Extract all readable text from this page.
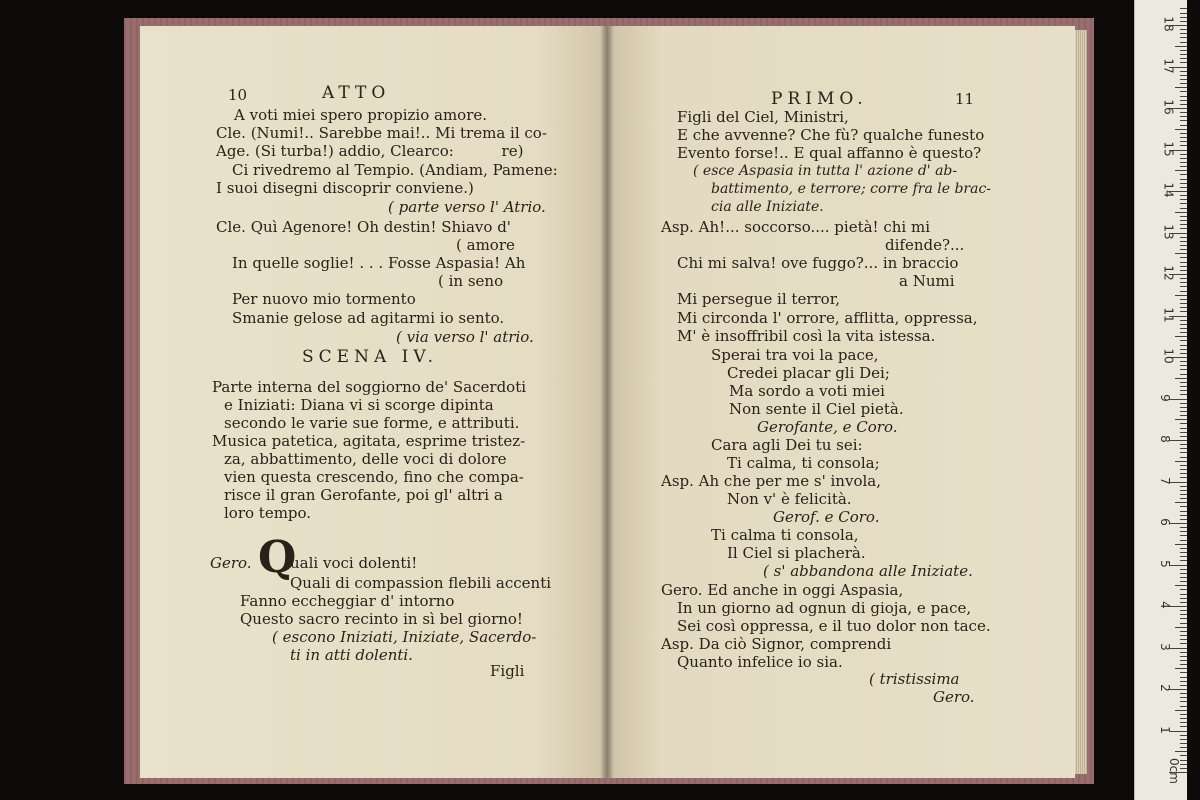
10	ATTO
A voti miei spero propizio amore.
Cle. (Numi!.. Sarebbe mai!.. Mi trema il co-
Age. (Si turba!) addio, Clearco:          re)
Ci rivedremo al Tempio. (Andiam, Pamene:
I suoi disegni discoprir conviene.)
( parte verso l' Atrio.
Cle. Quì Agenore! Oh destin! Shiavo d'
( amore
In quelle soglie! . . . Fosse Aspasia! Ah
( in seno
Per nuovo mio tormento
Smanie gelose ad agitarmi io sento.
( via verso l' atrio.
SCENA IV.
Parte interna del soggiorno de' Sacerdoti
e Iniziati: Diana vi si scorge dipinta
secondo le varie sue forme, e attributi.
Musica patetica, agitata, esprime tristez-
za, abbattimento, delle voci di dolore
vien questa crescendo, fino che compa-
risce il gran Gerofante, poi gl' altri a
loro tempo.
Gero. Q
uali voci dolenti!
Quali di compassion flebili accenti
Fanno eccheggiar d' intorno
Questo sacro recinto in sì bel giorno!
( escono Iniziati, Iniziate, Sacerdo-
ti in atti dolenti.
Figli
PRIMO.	11
Figli del Ciel, Ministri,
E che avvenne? Che fù? qualche funesto
Evento forse!.. E qual affanno è questo?
( esce Aspasia in tutta l' azione d' ab-
battimento, e terrore; corre fra le brac-
cia alle Iniziate.
Asp. Ah!... soccorso.... pietà! chi mi
difende?...
Chi mi salva! ove fuggo?... in braccio
a Numi
Mi persegue il terror,
Mi circonda l' orrore, afflitta, oppressa,
M' è insoffribil così la vita istessa.
Sperai tra voi la pace,
Credei placar gli Dei;
Ma sordo a voti miei
Non sente il Ciel pietà.
Gerofante, e Coro.
Cara agli Dei tu sei:
Ti calma, ti consola;
Asp. Ah che per me s' invola,
Non v' è felicità.
Gerof. e Coro.
Ti calma ti consola,
Il Ciel si placherà.
( s' abbandona alle Iniziate.
Gero. Ed anche in oggi Aspasia,
In un giorno ad ognun di gioja, e pace,
Sei così oppressa, e il tuo dolor non tace.
Asp. Da ciò Signor, comprendi
Quanto infelice io sia.
( tristissima
Gero.
0cm
1
2
3
4
5
6
7
8
9
10
11
12
13
14
15
16
17
18
